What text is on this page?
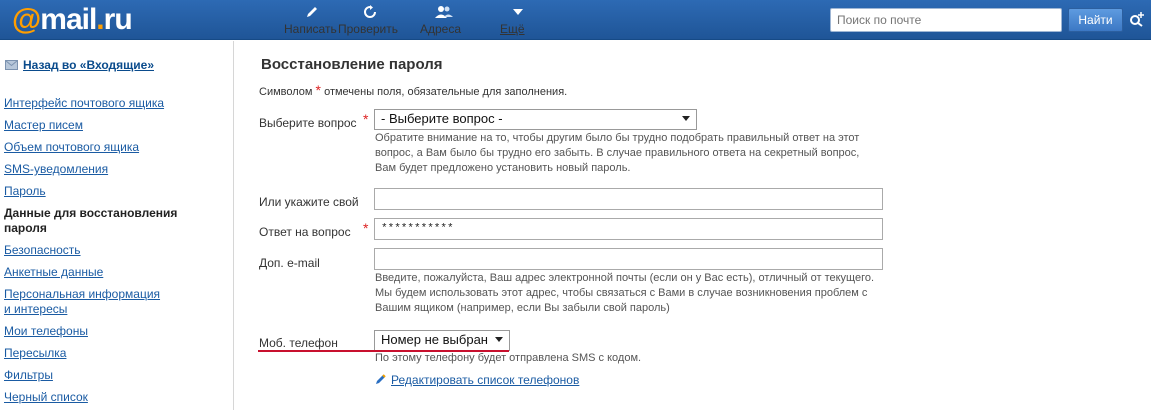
@mail.ru	Написать Проверить Адреса	Ещё
Поиск по почте
Найти
Назад во «Входящие»
Интерфейс почтового ящика
Мастер писем
Объем почтового ящика
SMS-уведомления
Пароль
Данные для восстановления пароля
Безопасность
Анкетные данные
Персональная информация и интересы
Мои телефоны
Пересылка
Фильтры
Черный список
Восстановление пароля
Символом * отмечены поля, обязательные для заполнения.
Выберите вопрос * - Выберите вопрос -
Обратите внимание на то, чтобы другим было бы трудно подобрать правильный ответ на этот вопрос, а Вам было бы трудно его забыть. В случае правильного ответа на секретный вопрос, Вам будет предложено установить новый пароль.
Или укажите свой
Ответ на вопрос *
***********
Доп. e-mail
Введите, пожалуйста, Ваш адрес электронной почты (если он у Вас есть), отличный от текущего. Мы будем использовать этот адрес, чтобы связаться с Вами в случае возникновения проблем с Вашим ящиком (например, если Вы забыли свой пароль)
Моб. телефон	Номер не выбран
По этому телефону будет отправлена SMS с кодом.
Редактировать список телефонов
